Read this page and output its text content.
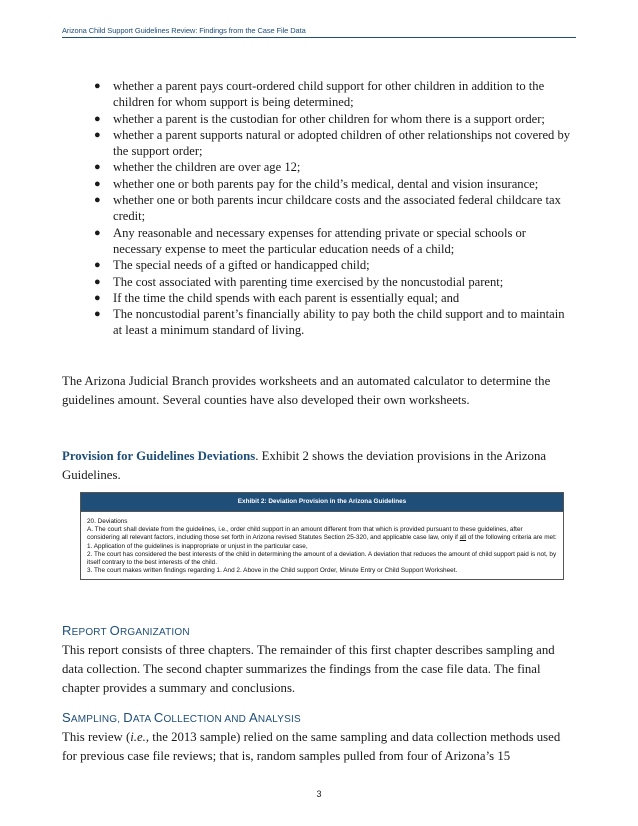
Arizona Child Support Guidelines Review: Findings from the Case File Data
● whether a parent pays court-ordered child support for other children in addition to the children for whom support is being determined;
● whether a parent is the custodian for other children for whom there is a support order;
● whether a parent supports natural or adopted children of other relationships not covered by the support order;
● whether the children are over age 12;
● whether one or both parents pay for the child’s medical, dental and vision insurance;
● whether one or both parents incur childcare costs and the associated federal childcare tax credit;
● Any reasonable and necessary expenses for attending private or special schools or necessary expense to meet the particular education needs of a child;
● The special needs of a gifted or handicapped child;
● The cost associated with parenting time exercised by the noncustodial parent;
● If the time the child spends with each parent is essentially equal; and
● The noncustodial parent’s financially ability to pay both the child support and to maintain at least a minimum standard of living.

The Arizona Judicial Branch provides worksheets and an automated calculator to determine the guidelines amount. Several counties have also developed their own worksheets.

Provision for Guidelines Deviations. Exhibit 2 shows the deviation provisions in the Arizona Guidelines.

Exhibit 2: Deviation Provision in the Arizona Guidelines
20. Deviations
A. The court shall deviate from the guidelines, i.e., order child support in an amount different from that which is provided pursuant to these guidelines, after considering all relevant factors, including those set forth in Arizona revised Statutes Section 25-320, and applicable case law, only if all of the following criteria are met:
1. Application of the guidelines is inappropriate or unjust in the particular case,
2. The court has considered the best interests of the child in determining the amount of a deviation. A deviation that reduces the amount of child support paid is not, by itself contrary to the best interests of the child.
3. The court makes written findings regarding 1. And 2. Above in the Child support Order, Minute Entry or Child Support Worksheet.
REPORT ORGANIZATION

This report consists of three chapters. The remainder of this first chapter describes sampling and data collection. The second chapter summarizes the findings from the case file data. The final chapter provides a summary and conclusions.

SAMPLING, DATA COLLECTION AND ANALYSIS

This review (i.e., the 2013 sample) relied on the same sampling and data collection methods used for previous case file reviews; that is, random samples pulled from four of Arizona’s 15

3
